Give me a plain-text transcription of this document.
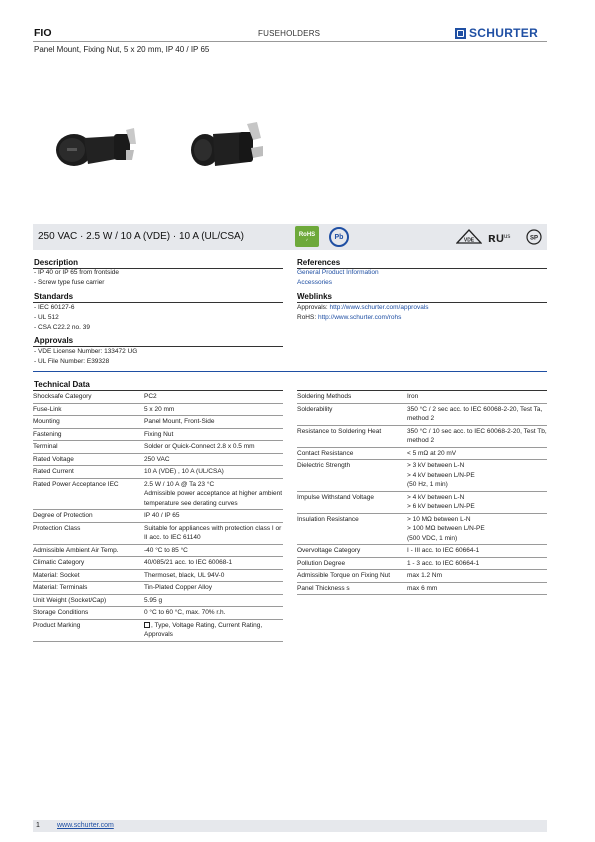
FIO	FUSEHOLDERS	SCHURTER
Panel Mount, Fixing Nut, 5 x 20 mm, IP 40 / IP 65
250 VAC · 2.5 W / 10 A (VDE) · 10 A (UL/CSA)	RoHS
✓	Pb	VDE ʀ U us	SP
Description
- IP 40 or IP 65 from frontside
- Screw type fuse carrier
Standards
- IEC 60127-6
- UL 512
- CSA C22.2 no. 39
Approvals
- VDE License Number: 133472 UG
- UL File Number: E39328
References
General Product Information
Accessories
Weblinks
Approvals: http://www.schurter.com/approvals
RoHS: http://www.schurter.com/rohs
Technical Data
Shocksafe Category	PC2
Fuse-Link	5 x 20 mm
Mounting	Panel Mount, Front-Side
Fastening	Fixing Nut
Terminal	Solder or Quick-Connect 2.8 x 0.5 mm
Rated Voltage	250 VAC
Rated Current	10 A (VDE) , 10 A (UL/CSA)
Rated Power Acceptance IEC	2.5 W / 10 A @ Ta 23 °C
Admissible power acceptance at higher ambient temperature see derating curves
Degree of Protection	IP 40 / IP 65
Protection Class	Suitable for appliances with protection class I or II acc. to IEC 61140
Admissible Ambient Air Temp.	-40 °C to 85 °C
Climatic Category	40/085/21 acc. to IEC 60068-1
Material: Socket	Thermoset, black, UL 94V-0
Material: Terminals	Tin-Plated Copper Alloy
Unit Weight (Socket/Cap)	5.95 g
Storage Conditions	0 °C to 60 °C, max. 70% r.h.
Product Marking	, Type, Voltage Rating, Current Rating, Approvals
Soldering Methods	Iron
Solderability	350 °C / 2 sec acc. to IEC 60068-2-20, Test Ta, method 2
Resistance to Soldering Heat	350 °C / 10 sec acc. to IEC 60068-2-20, Test Tb, method 2
Contact Resistance	< 5 mΩ at 20 mV
Dielectric Strength	> 3 kV between L-N
> 4 kV between L/N-PE
(50 Hz, 1 min)
Impulse Withstand Voltage	> 4 kV between L-N
> 6 kV between L/N-PE
Insulation Resistance	> 10 MΩ between L-N
> 100 MΩ between L/N-PE
(500 VDC, 1 min)
Overvoltage Category	I - III acc. to IEC 60664-1
Pollution Degree	1 - 3 acc. to IEC 60664-1
Admissible Torque on Fixing Nut	max 1.2 Nm
Panel Thickness s	max 6 mm
1 www.schurter.com
